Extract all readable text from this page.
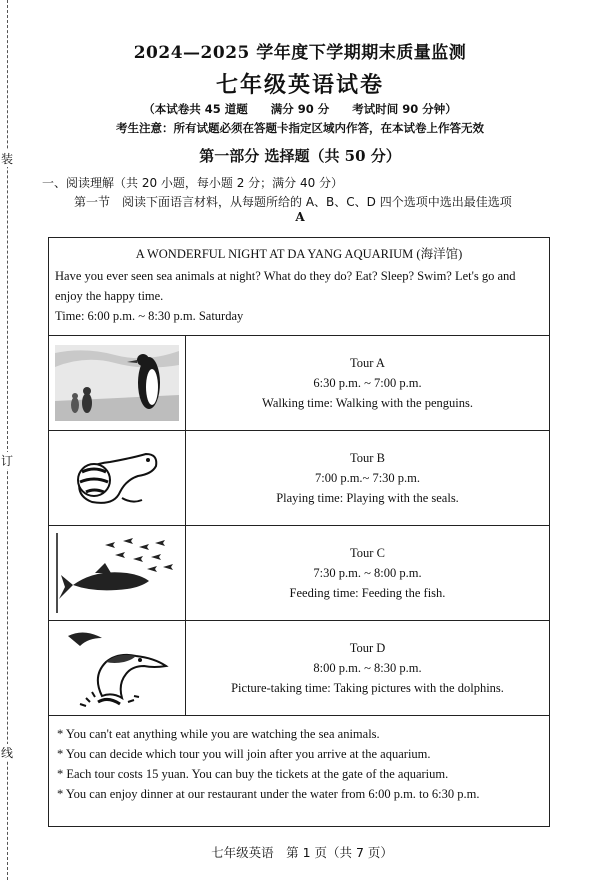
装
订
线

2024—2025 学年度下学期期末质量监测

七年级英语试卷

（本试卷共 45 道题　　满分 90 分　　考试时间 90 分钟）

考生注意：所有试题必须在答题卡指定区域内作答，在本试卷上作答无效

第一部分 选择题（共 50 分）

一、阅读理解（共 20 小题，每小题 2 分；满分 40 分）

第一节　阅读下面语言材料，从每题所给的 A、B、C、D 四个选项中选出最佳选项

A

A WONDERFUL NIGHT AT DA YANG AQUARIUM (海洋馆)

Have you ever seen sea animals at night? What do they do? Eat? Sleep? Swim? Let's go and enjoy the happy time.

Time: 6:00 p.m. ~ 8:30 p.m. Saturday

Tour A
6:30 p.m. ~ 7:00 p.m.
Walking time: Walking with the penguins.
Tour B
7:00 p.m.~ 7:30 p.m.
Playing time: Playing with the seals.
Tour C
7:30 p.m. ~ 8:00 p.m.
Feeding time: Feeding the fish.
Tour D
8:00 p.m. ~ 8:30 p.m.
Picture-taking time: Taking pictures with the dolphins.

* You can't eat anything while you are watching the sea animals.

* You can decide which tour you will join after you arrive at the aquarium.

* Each tour costs 15 yuan. You can buy the tickets at the gate of the aquarium.

* You can enjoy dinner at our restaurant under the water from 6:00 p.m. to 6:30 p.m.

七年级英语　第 1 页（共 7 页）
